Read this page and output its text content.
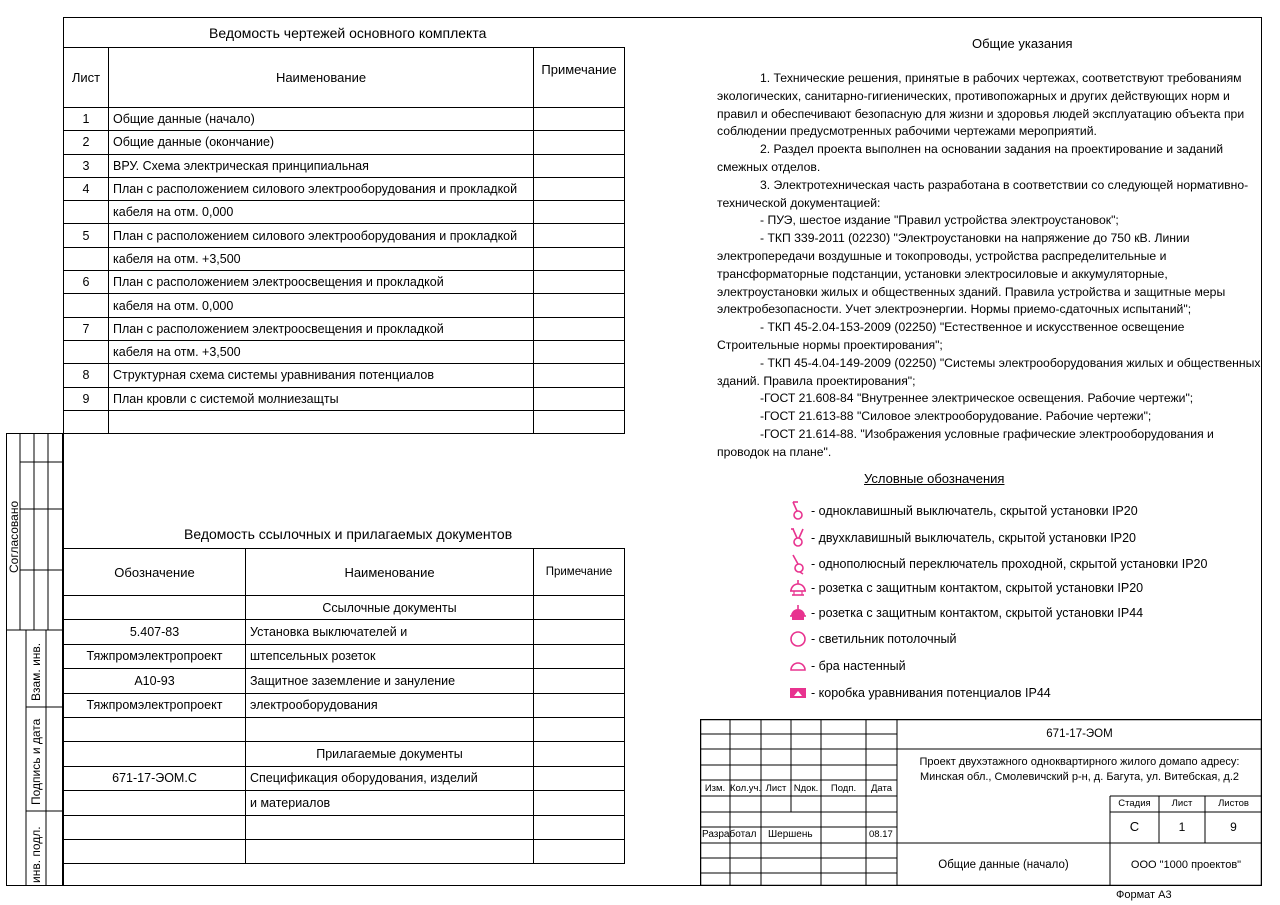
Ведомость чертежей основного комплекта
Лист	Наименование	Примечание
1	Общие данные (начало)	
2	Общие данные (окончание)	
3	ВРУ. Схема электрическая принципиальная	
4	План с расположением силового электрооборудования и прокладкой	
	кабеля на отм. 0,000	
5	План с расположением силового электрооборудования и прокладкой	
	кабеля на отм. +3,500	
6	План с расположением электроосвещения и прокладкой	
	кабеля на отм. 0,000	
7	План с расположением электроосвещения и прокладкой	
	кабеля на отм. +3,500	
8	Структурная схема системы уравнивания потенциалов	
9	План кровли с системой молниезащты	

Ведомость ссылочных и прилагаемых документов
Обозначение	Наименование	Примечание
	Ссылочные документы	
5.407-83	Установка выключателей и	
Тяжпромэлектропроект	штепсельных розеток	
А10-93	Защитное заземление и зануление	
Тяжпромэлектропроект	электрооборудования	

	Прилагаемые документы	
671-17-ЭОМ.С	Спецификация оборудования, изделий	
	и материалов	

Общие указания

1. Технические решения, принятые в рабочих чертежах, соответствуют требованиям экологических, санитарно-гигиенических, противопожарных и других действующих норм и правил и обеспечивают безопасную для жизни и здоровья людей эксплуатацию объекта при соблюдении предусмотренных рабочими чертежами мероприятий.

2. Раздел проекта выполнен на основании задания на проектирование и заданий смежных отделов.

3. Электротехническая часть разработана в соответствии со следующей нормативно-технической документацией:

- ПУЭ, шестое издание "Правил устройства электроустановок";

- ТКП 339-2011 (02230) "Электроустановки на напряжение до 750 кВ. Линии электропередачи воздушные и токопроводы, устройства распределительные и трансформаторные подстанции, установки электросиловые и аккумуляторные, электроустановки жилых и общественных зданий. Правила устройства и защитные меры электробезопасности. Учет электроэнергии. Нормы приемо-сдаточных испытаний";

- ТКП 45-2.04-153-2009 (02250) "Естественное и искусственное освещение Строительные нормы проектирования";

- ТКП 45-4.04-149-2009 (02250) "Системы электрооборудования жилых и общественных зданий. Правила проектирования";

-ГОСТ 21.608-84 "Внутреннее электрическое освещения. Рабочие чертежи";

-ГОСТ 21.613-88 "Силовое электрооборудование. Рабочие чертежи";

-ГОСТ 21.614-88. "Изображения условные графические электрооборудования и проводок на плане".

Условные обозначения
- одноклавишный выключатель, скрытой установки IP20
- двухклавишный выключатель, скрытой установки IP20
- однополюсный переключатель проходной, скрытой установки IP20
- розетка с защитным контактом, скрытой установки IP20
- розетка с защитным контактом, скрытой установки IP44
- светильник потолочный
- бра настенный
- коробка уравнивания потенциалов IP44
671-17-ЭОМ
Проект двухэтажного одноквартирного жилого домапо адресу:
Минская обл., Смолевичский р-н, д. Багута, ул. Витебская, д.2
Изм. Кол.уч. Лист Nдок.	Подп.	Дата
Разработал Шершень	08.17
Стадия	Лист	Листов
С	1	9
Общие данные (начало)	ООО "1000 проектов"
Формат А3
Согласовано
Взам. инв.
Подпись и дата
инв. подл.
